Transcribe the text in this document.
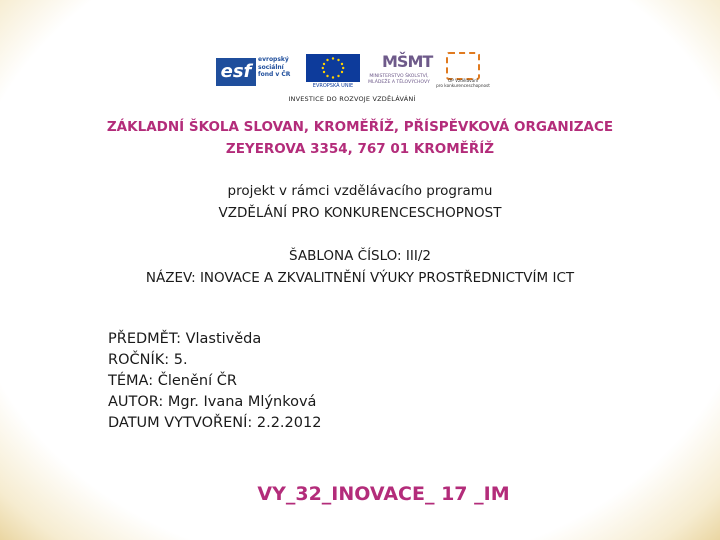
esf
evropský
sociální
fond v ČR
EVROPSKÁ UNIE
MŠMT
MINISTERSTVO ŠKOLSTVÍ,
MLÁDEŽE A TĚLOVÝCHOVY	OP Vzdělávání
pro konkurenceschopnost
INVESTICE DO ROZVOJE VZDĚLÁVÁNÍ
ZÁKLADNÍ ŠKOLA SLOVAN, KROMĚŘÍŽ, PŘÍSPĚVKOVÁ ORGANIZACE
ZEYEROVA 3354, 767 01 KROMĚŘÍŽ
projekt v rámci vzdělávacího programu
VZDĚLÁNÍ PRO KONKURENCESCHOPNOST
ŠABLONA ČÍSLO: III/2
NÁZEV: INOVACE A ZKVALITNĚNÍ VÝUKY PROSTŘEDNICTVÍM ICT
PŘEDMĚT: Vlastivěda
ROČNÍK: 5.
TÉMA: Členění ČR
AUTOR: Mgr. Ivana Mlýnková
DATUM VYTVOŘENÍ: 2.2.2012
VY_32_INOVACE_ 17 _IM
